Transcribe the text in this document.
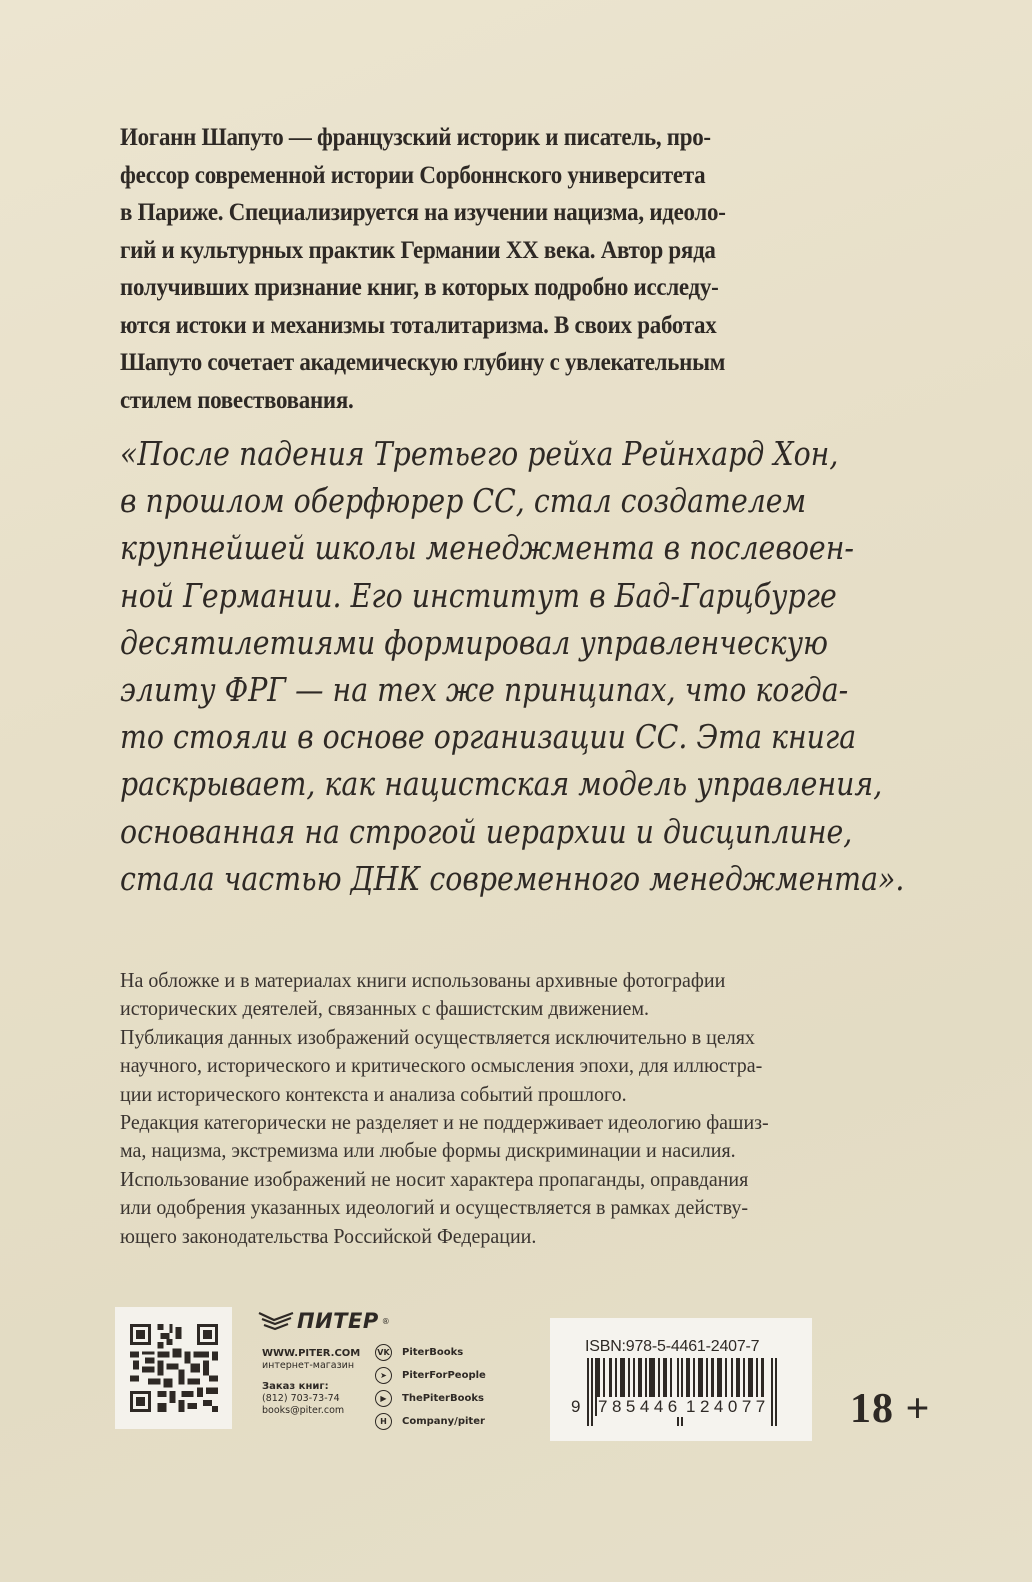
Иоганн Шапуто — французский историк и писатель, про-
фессор современной истории Сорбоннского университета
в Париже. Специализируется на изучении нацизма, идеоло-
гий и культурных практик Германии XX века. Автор ряда
получивших признание книг, в которых подробно исследу-
ются истоки и механизмы тоталитаризма. В своих работах
Шапуто сочетает академическую глубину с увлекательным
стилем повествования.
«После падения Третьего рейха Рейнхард Хон,
в прошлом оберфюрер СС, стал создателем
крупнейшей школы менеджмента в послевоен-
ной Германии. Его институт в Бад-Гарцбурге
десятилетиями формировал управленческую
элиту ФРГ — на тех же принципах, что когда-
то стояли в основе организации СС. Эта книга
раскрывает, как нацистская модель управления,
основанная на строгой иерархии и дисциплине,
стала частью ДНК современного менеджмента».
На обложке и в материалах книги использованы архивные фотографии
исторических деятелей, связанных с фашистским движением.
Публикация данных изображений осуществляется исключительно в целях
научного, исторического и критического осмысления эпохи, для иллюстра-
ции исторического контекста и анализа событий прошлого.
Редакция категорически не разделяет и не поддерживает идеологию фашиз-
ма, нацизма, экстремизма или любые формы дискриминации и насилия.
Использование изображений не носит характера пропаганды, оправдания
или одобрения указанных идеологий и осуществляется в рамках действу-
ющего законодательства Российской Федерации.
ПИТЕР ®
WWW.PITER.COM
интернет-магазин
Заказ книг:
(812) 703-73-74
books@piter.com
VK PiterBooks
➤	PiterForPeople
▶	ThePiterBooks
H	Company/piter
ISBN:978-5-4461-2407-7
9 785446 124077 18 +
